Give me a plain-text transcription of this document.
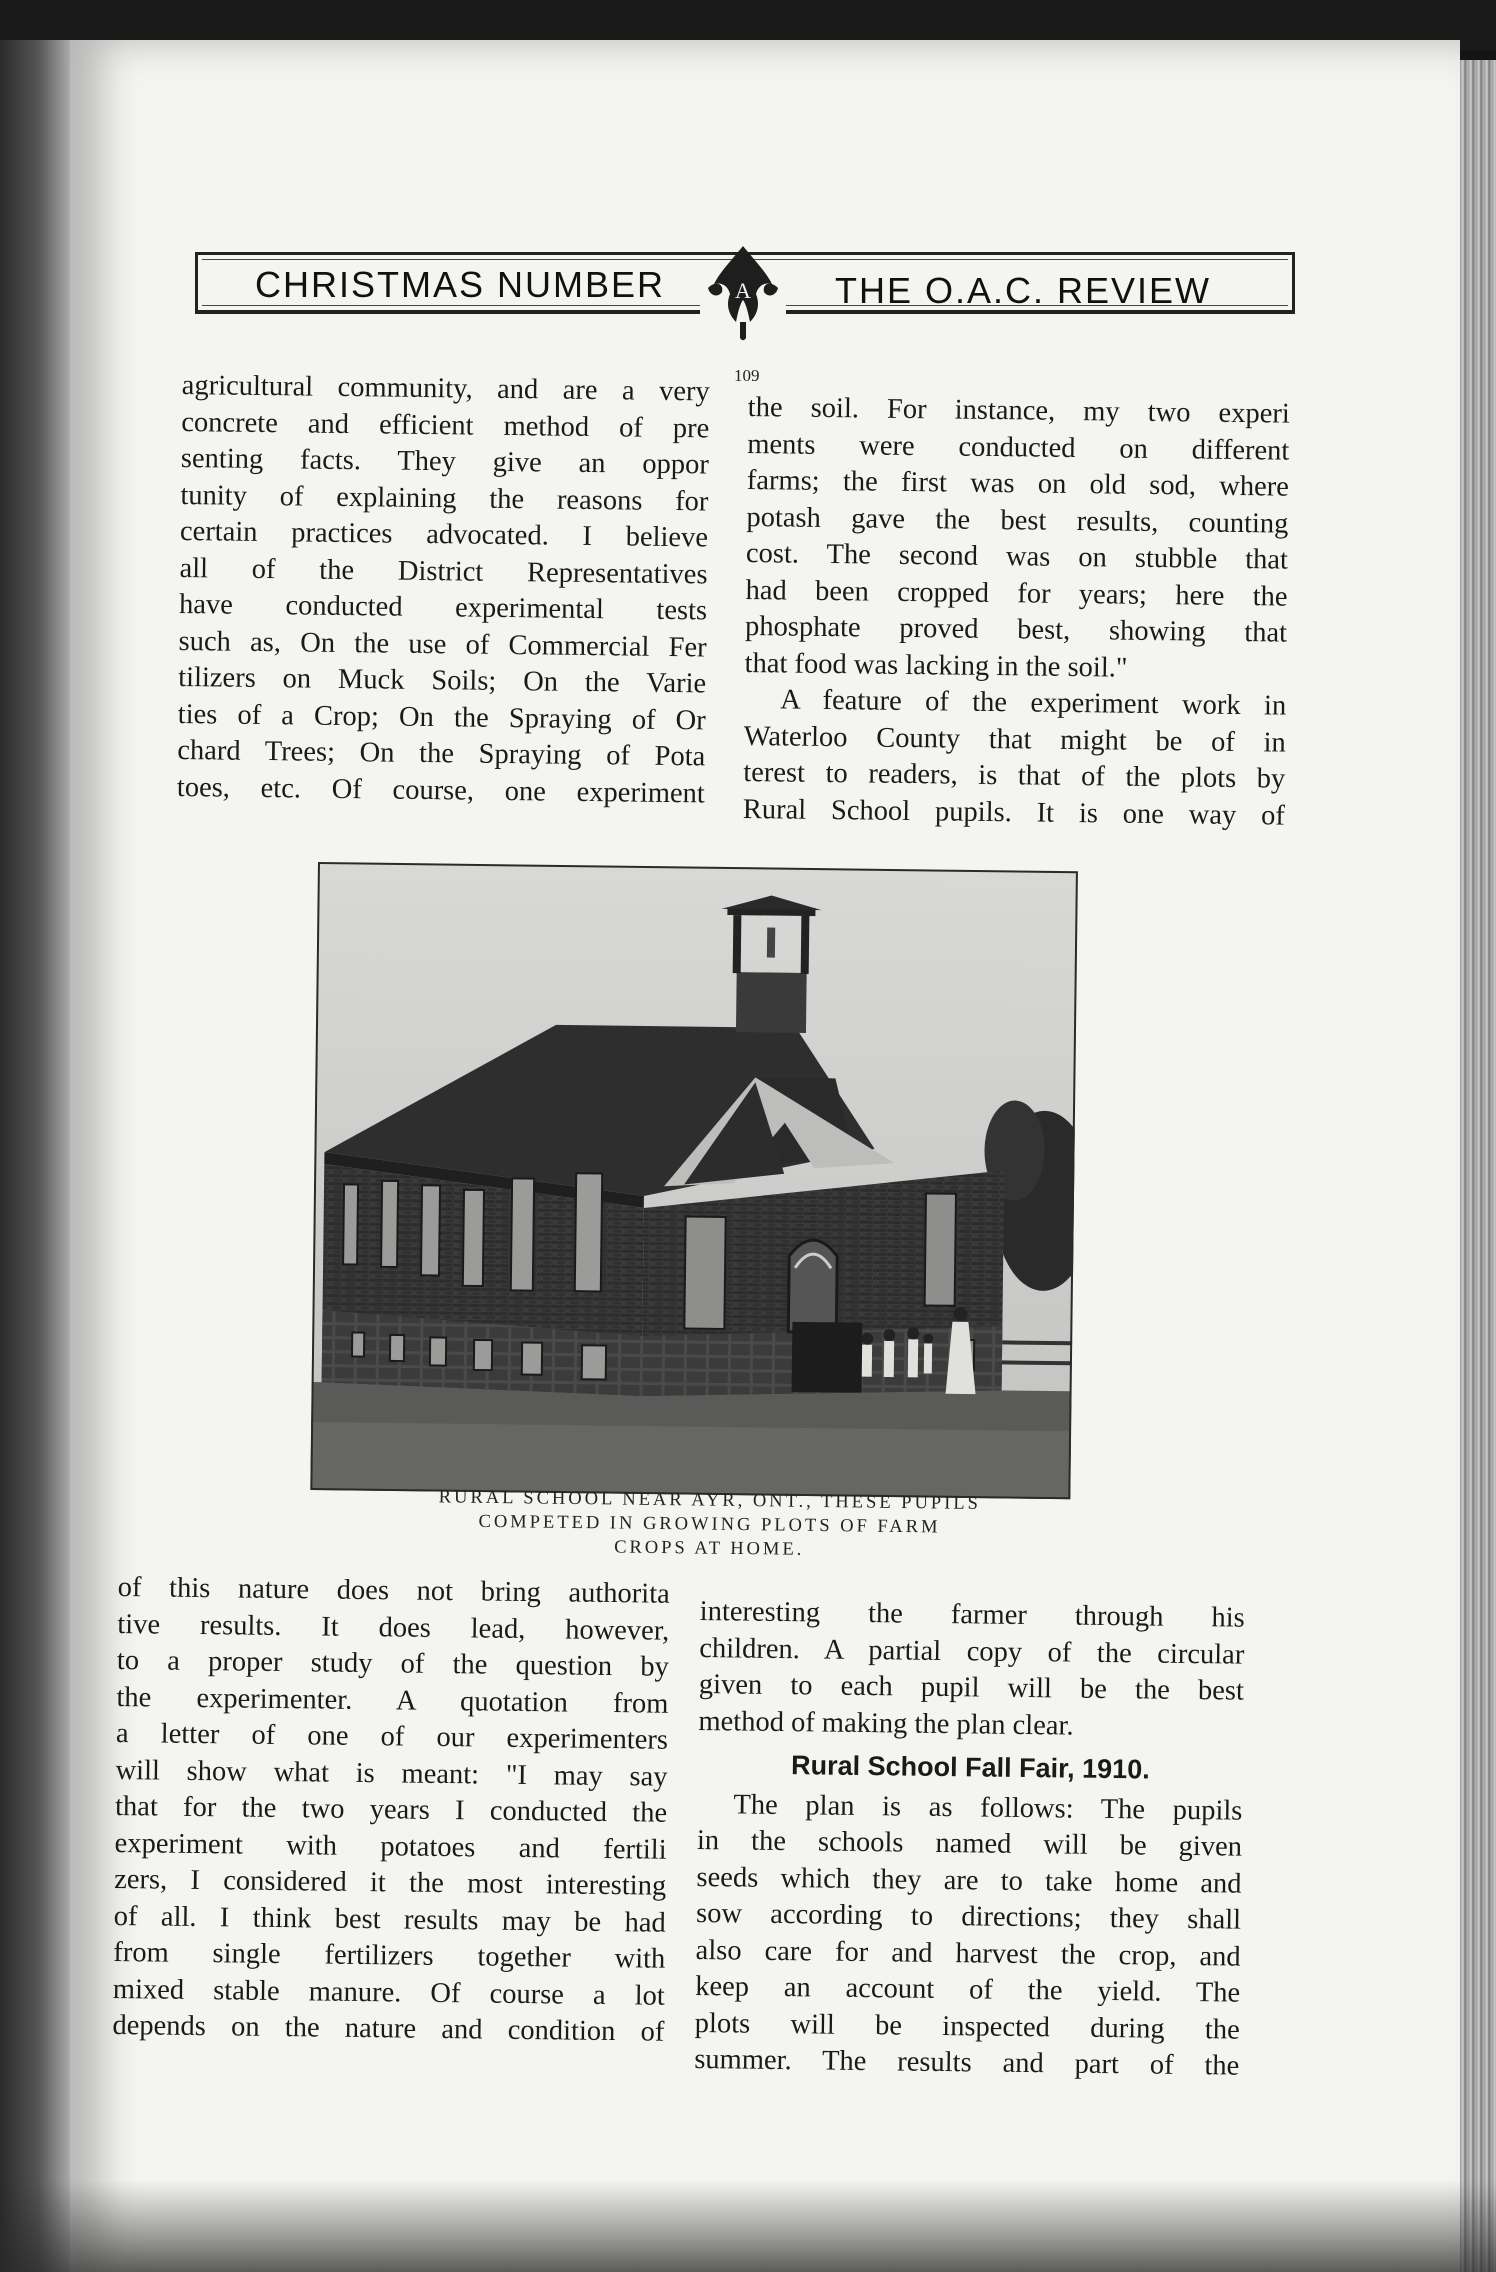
CHRISTMAS NUMBER	A THE O.A.C. REVIEW
109
agricultural community, and are a very
concrete and efficient method of pre
senting facts. They give an oppor
tunity of explaining the reasons for
certain practices advocated. I believe
all of the District Representatives
have conducted experimental tests
such as, On the use of Commercial Fer
tilizers on Muck Soils; On the Varie
ties of a Crop; On the Spraying of Or
chard Trees; On the Spraying of Pota
toes, etc. Of course, one experiment
the soil. For instance, my two experi
ments were conducted on different
farms; the first was on old sod, where
potash gave the best results, counting
cost. The second was on stubble that
had been cropped for years; here the
phosphate proved best, showing that
that food was lacking in the soil."
A feature of the experiment work in
Waterloo County that might be of in
terest to readers, is that of the plots by
Rural School pupils. It is one way of
RURAL SCHOOL NEAR AYR, ONT., THESE PUPILS
COMPETED IN GROWING PLOTS OF FARM
CROPS AT HOME.
of this nature does not bring authorita
tive results. It does lead, however,
to a proper study of the question by
the experimenter. A quotation from
a letter of one of our experimenters
will show what is meant: "I may say
that for the two years I conducted the
experiment with potatoes and fertili
zers, I considered it the most interesting
of all. I think best results may be had
from single fertilizers together with
mixed stable manure. Of course a lot
depends on the nature and condition of
interesting the farmer through his
children. A partial copy of the circular
given to each pupil will be the best
method of making the plan clear.
Rural School Fall Fair, 1910.
The plan is as follows: The pupils
in the schools named will be given
seeds which they are to take home and
sow according to directions; they shall
also care for and harvest the crop, and
keep an account of the yield. The
plots will be inspected during the
summer. The results and part of the
